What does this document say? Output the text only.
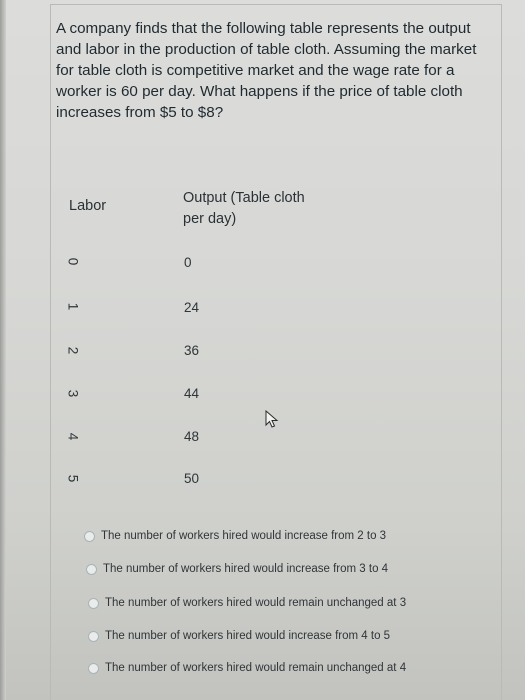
A company finds that the following table represents the output and labor in the production of table cloth. Assuming the market for table cloth is competitive market and the wage rate for a worker is 60 per day. What happens if the price of table cloth increases from $5 to $8?
Labor	Output (Table cloth per day)
0	0
1	24
2	36
3	44
4	48
5	50
The number of workers hired would increase from 2 to 3
The number of workers hired would increase from 3 to 4
The number of workers hired would remain unchanged at 3
The number of workers hired would increase from 4 to 5
The number of workers hired would remain unchanged at 4
